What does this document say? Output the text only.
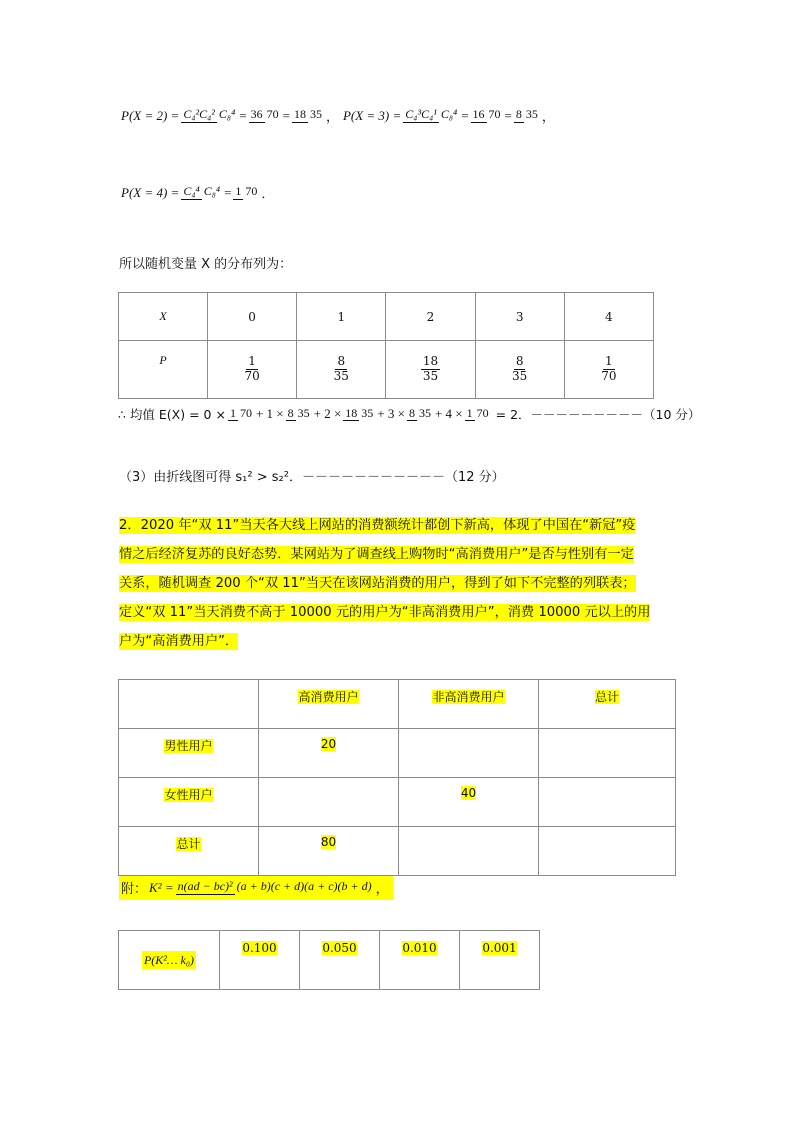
P(X = 2) = C₄²C₄² C₈⁴ = 36 70 = 18 35 ， P(X = 3) = C₄³C₄¹ C₈⁴ = 16 70 = 8 35 ，
P(X = 4) = C₄⁴ C₈⁴ = 1 70 ．
所以随机变量 X 的分布列为：
X	0	1	2	3	4
P	$\frac{1}{70}$	$\frac{8}{35}$	$\frac{18}{35}$	$\frac{8}{35}$	$\frac{1}{70}$
∴ 均值 E(X) = 0 × 1 70 + 1 × 8 35 + 2 × 18 35 + 3 × 8 35 + 4 × 1 70 = 2．－－－－－－－－－（10 分）
（3）由折线图可得 s₁² > s₂²．－－－－－－－－－－－（12 分）
2．2020 年“双 11”当天各大线上网站的消费额统计都创下新高，体现了中国在“新冠”疫
情之后经济复苏的良好态势．某网站为了调查线上购物时“高消费用户”是否与性别有一定
关系，随机调查 200 个“双 11”当天在该网站消费的用户，得到了如下不完整的列联表；
定义“双 11”当天消费不高于 10000 元的用户为“非高消费用户”，消费 10000 元以上的用
户为“高消费用户”．
	高消费用户	非高消费用户	总计
男性用户	20		
女性用户		40	
总计	80		
附： K² = n(ad − bc)² (a + b)(c + d)(a + c)(b + d) ，
P(K²… k₀)	0.100	0.050	0.010	0.001
